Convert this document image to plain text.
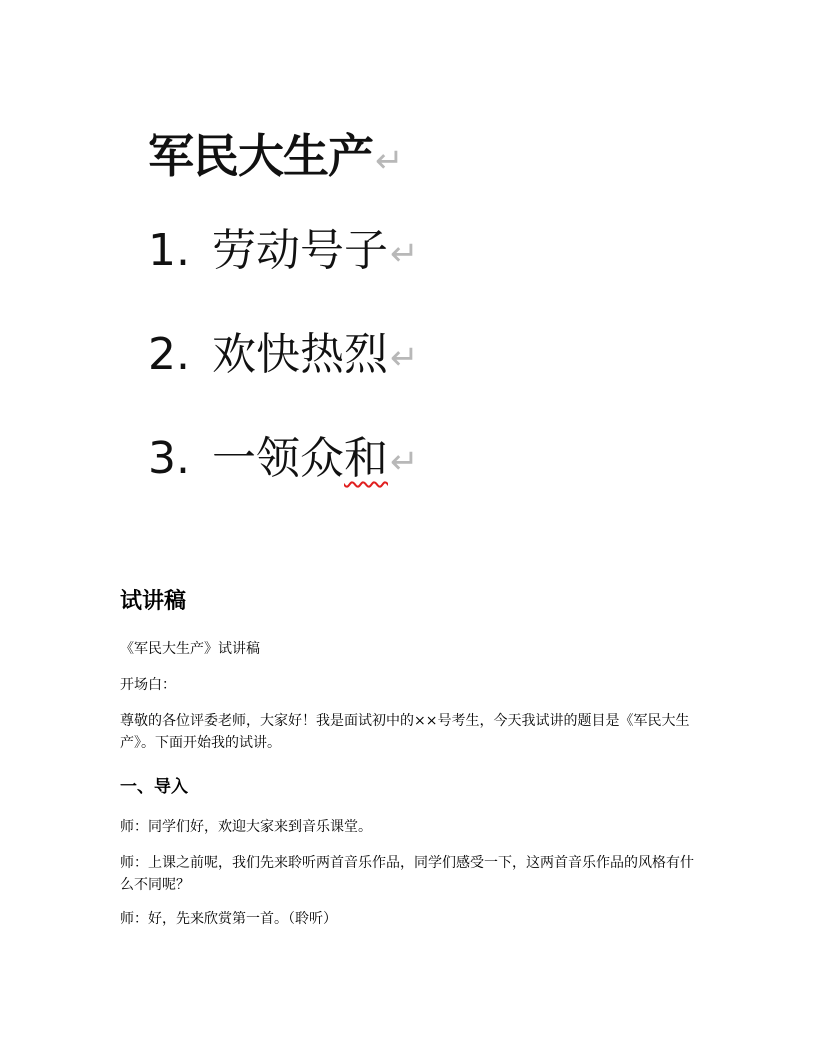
军民大生产↵
1. 劳动号子↵
2. 欢快热烈↵
3. 一领众和↵
试讲稿

《军民大生产》试讲稿

开场白：

尊敬的各位评委老师，大家好！我是面试初中的××号考生，今天我试讲的题目是《军民大生产》。下面开始我的试讲。

一、导入

师：同学们好，欢迎大家来到音乐课堂。

师：上课之前呢，我们先来聆听两首音乐作品，同学们感受一下，这两首音乐作品的风格有什么不同呢？

师：好，先来欣赏第一首。（聆听）
